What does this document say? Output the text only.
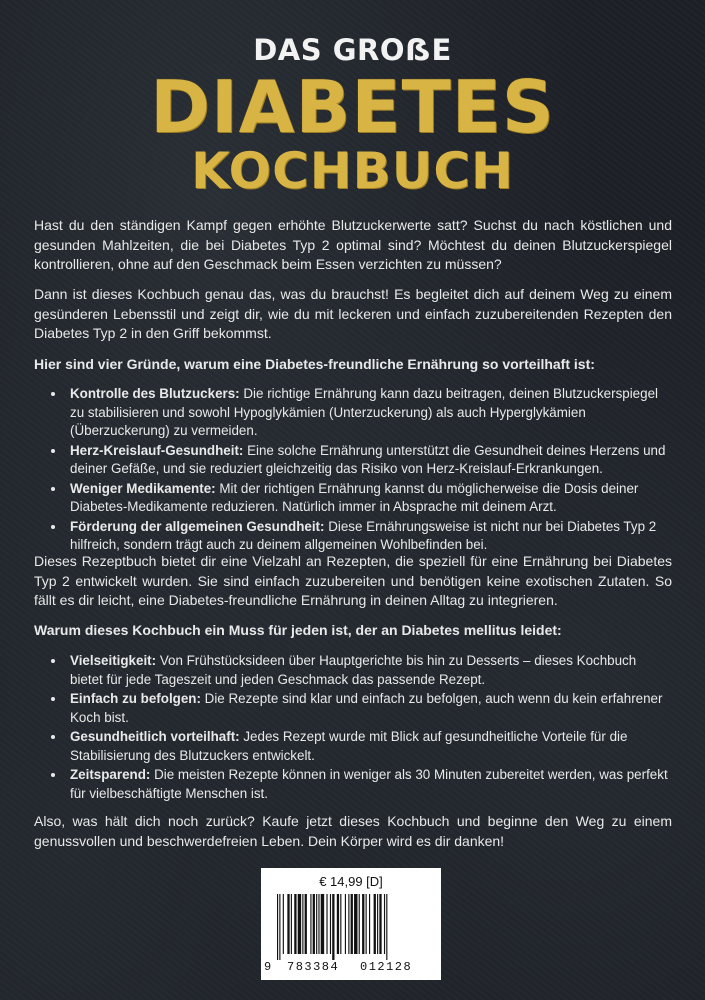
DAS GROẞE
DIABETES
KOCHBUCH

Hast du den ständigen Kampf gegen erhöhte Blutzuckerwerte satt? Suchst du nach köstlichen und gesunden Mahlzeiten, die bei Diabetes Typ 2 optimal sind? Möchtest du deinen Blutzuckerspiegel kontrollieren, ohne auf den Geschmack beim Essen verzichten zu müssen?

Dann ist dieses Kochbuch genau das, was du brauchst! Es begleitet dich auf deinem Weg zu einem gesünderen Lebensstil und zeigt dir, wie du mit leckeren und einfach zuzubereitenden Rezepten den Diabetes Typ 2 in den Griff bekommst.

Hier sind vier Gründe, warum eine Diabetes-freundliche Ernährung so vorteilhaft ist:

• Kontrolle des Blutzuckers: Die richtige Ernährung kann dazu beitragen, deinen Blutzuckerspiegel zu stabilisieren und sowohl Hypoglykämien (Unterzuckerung) als auch Hyperglykämien (Überzuckerung) zu vermeiden.
• Herz-Kreislauf-Gesundheit: Eine solche Ernährung unterstützt die Gesundheit deines Herzens und deiner Gefäße, und sie reduziert gleichzeitig das Risiko von Herz-Kreislauf-Erkrankungen.
• Weniger Medikamente: Mit der richtigen Ernährung kannst du möglicherweise die Dosis deiner Diabetes-Medikamente reduzieren. Natürlich immer in Absprache mit deinem Arzt.
• Förderung der allgemeinen Gesundheit: Diese Ernährungsweise ist nicht nur bei Diabetes Typ 2 hilfreich, sondern trägt auch zu deinem allgemeinen Wohlbefinden bei.

Dieses Rezeptbuch bietet dir eine Vielzahl an Rezepten, die speziell für eine Ernährung bei Diabetes Typ 2 entwickelt wurden. Sie sind einfach zuzubereiten und benötigen keine exotischen Zutaten. So fällt es dir leicht, eine Diabetes-freundliche Ernährung in deinen Alltag zu integrieren.

Warum dieses Kochbuch ein Muss für jeden ist, der an Diabetes mellitus leidet:

• Vielseitigkeit: Von Frühstücksideen über Hauptgerichte bis hin zu Desserts – dieses Kochbuch bietet für jede Tageszeit und jeden Geschmack das passende Rezept.
• Einfach zu befolgen: Die Rezepte sind klar und einfach zu befolgen, auch wenn du kein erfahrener Koch bist.
• Gesundheitlich vorteilhaft: Jedes Rezept wurde mit Blick auf gesundheitliche Vorteile für die Stabilisierung des Blutzuckers entwickelt.
• Zeitsparend: Die meisten Rezepte können in weniger als 30 Minuten zubereitet werden, was perfekt für vielbeschäftigte Menschen ist.

Also, was hält dich noch zurück? Kaufe jetzt dieses Kochbuch und beginne den Weg zu einem genussvollen und beschwerdefreien Leben. Dein Körper wird es dir danken!

€ 14,99 [D]
9 783384 012128
